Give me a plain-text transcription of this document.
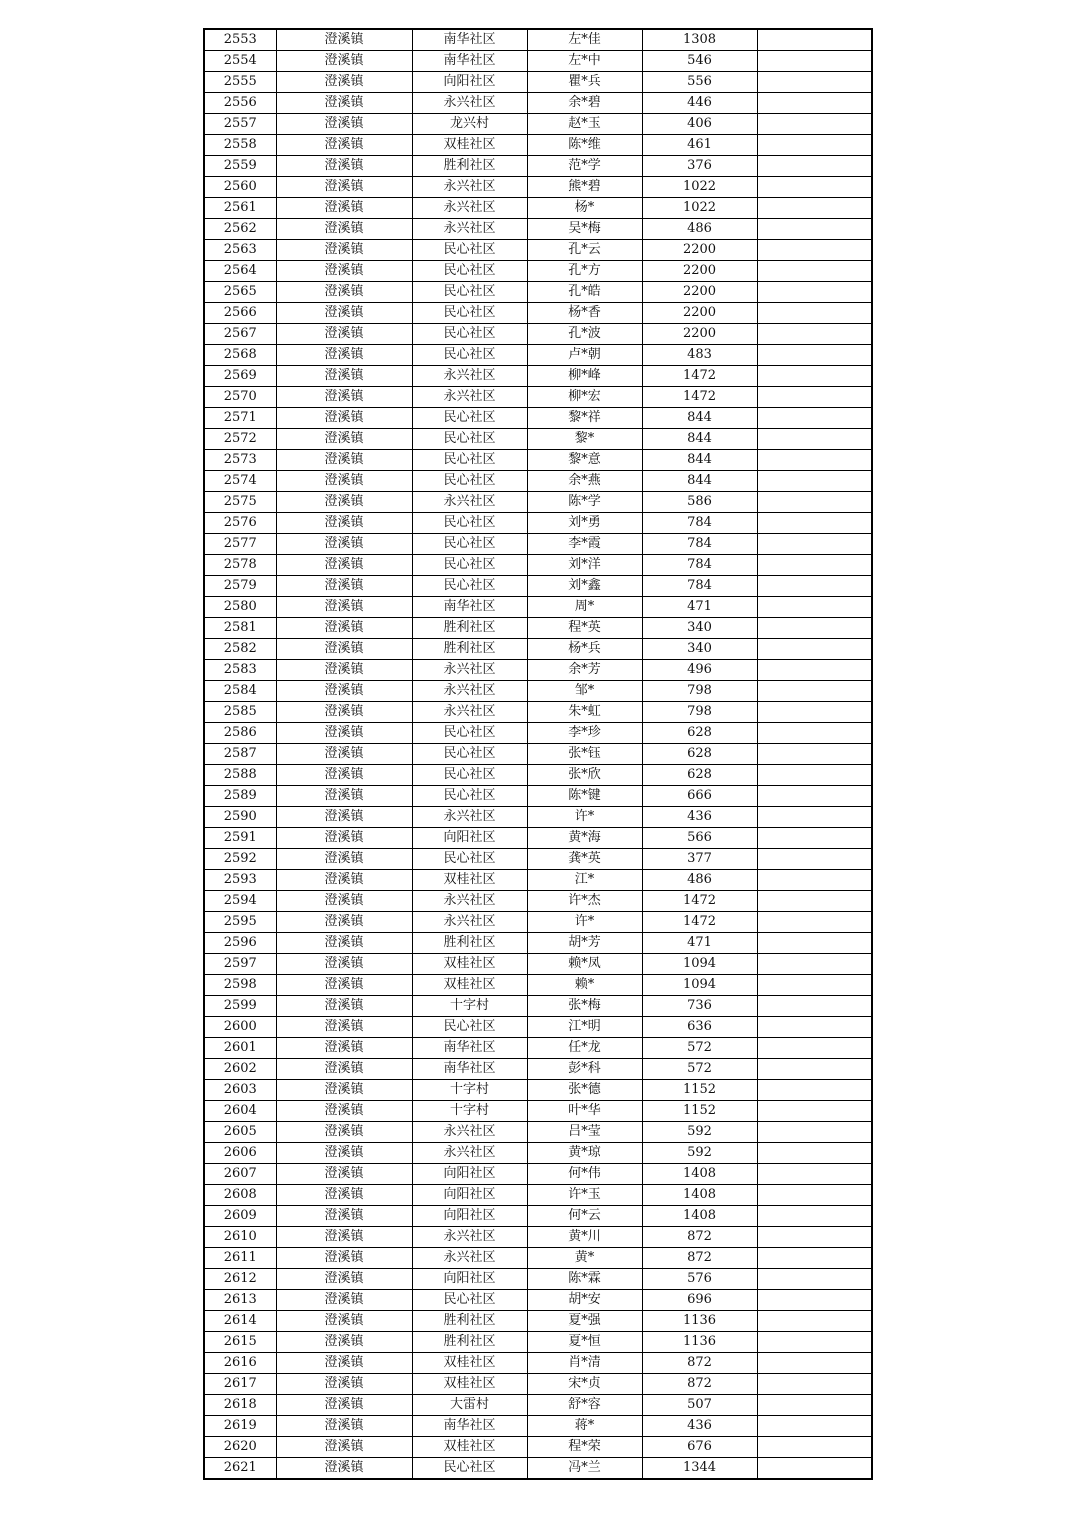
2553	澄溪镇	南华社区	左*佳	1308	
2554	澄溪镇	南华社区	左*中	546	
2555	澄溪镇	向阳社区	瞿*兵	556	
2556	澄溪镇	永兴社区	余*碧	446	
2557	澄溪镇	龙兴村	赵*玉	406	
2558	澄溪镇	双桂社区	陈*维	461	
2559	澄溪镇	胜利社区	范*学	376	
2560	澄溪镇	永兴社区	熊*碧	1022	
2561	澄溪镇	永兴社区	杨*	1022	
2562	澄溪镇	永兴社区	吴*梅	486	
2563	澄溪镇	民心社区	孔*云	2200	
2564	澄溪镇	民心社区	孔*方	2200	
2565	澄溪镇	民心社区	孔*皓	2200	
2566	澄溪镇	民心社区	杨*香	2200	
2567	澄溪镇	民心社区	孔*波	2200	
2568	澄溪镇	民心社区	卢*朝	483	
2569	澄溪镇	永兴社区	柳*峰	1472	
2570	澄溪镇	永兴社区	柳*宏	1472	
2571	澄溪镇	民心社区	黎*祥	844	
2572	澄溪镇	民心社区	黎*	844	
2573	澄溪镇	民心社区	黎*意	844	
2574	澄溪镇	民心社区	余*燕	844	
2575	澄溪镇	永兴社区	陈*学	586	
2576	澄溪镇	民心社区	刘*勇	784	
2577	澄溪镇	民心社区	李*霞	784	
2578	澄溪镇	民心社区	刘*洋	784	
2579	澄溪镇	民心社区	刘*鑫	784	
2580	澄溪镇	南华社区	周*	471	
2581	澄溪镇	胜利社区	程*英	340	
2582	澄溪镇	胜利社区	杨*兵	340	
2583	澄溪镇	永兴社区	余*芳	496	
2584	澄溪镇	永兴社区	邹*	798	
2585	澄溪镇	永兴社区	朱*虹	798	
2586	澄溪镇	民心社区	李*珍	628	
2587	澄溪镇	民心社区	张*钰	628	
2588	澄溪镇	民心社区	张*欣	628	
2589	澄溪镇	民心社区	陈*键	666	
2590	澄溪镇	永兴社区	许*	436	
2591	澄溪镇	向阳社区	黄*海	566	
2592	澄溪镇	民心社区	龚*英	377	
2593	澄溪镇	双桂社区	江*	486	
2594	澄溪镇	永兴社区	许*杰	1472	
2595	澄溪镇	永兴社区	许*	1472	
2596	澄溪镇	胜利社区	胡*芳	471	
2597	澄溪镇	双桂社区	赖*凤	1094	
2598	澄溪镇	双桂社区	赖*	1094	
2599	澄溪镇	十字村	张*梅	736	
2600	澄溪镇	民心社区	江*明	636	
2601	澄溪镇	南华社区	任*龙	572	
2602	澄溪镇	南华社区	彭*科	572	
2603	澄溪镇	十字村	张*德	1152	
2604	澄溪镇	十字村	叶*华	1152	
2605	澄溪镇	永兴社区	吕*莹	592	
2606	澄溪镇	永兴社区	黄*琼	592	
2607	澄溪镇	向阳社区	何*伟	1408	
2608	澄溪镇	向阳社区	许*玉	1408	
2609	澄溪镇	向阳社区	何*云	1408	
2610	澄溪镇	永兴社区	黄*川	872	
2611	澄溪镇	永兴社区	黄*	872	
2612	澄溪镇	向阳社区	陈*霖	576	
2613	澄溪镇	民心社区	胡*安	696	
2614	澄溪镇	胜利社区	夏*强	1136	
2615	澄溪镇	胜利社区	夏*恒	1136	
2616	澄溪镇	双桂社区	肖*清	872	
2617	澄溪镇	双桂社区	宋*贞	872	
2618	澄溪镇	大雷村	舒*容	507	
2619	澄溪镇	南华社区	蒋*	436	
2620	澄溪镇	双桂社区	程*荣	676	
2621	澄溪镇	民心社区	冯*兰	1344	
